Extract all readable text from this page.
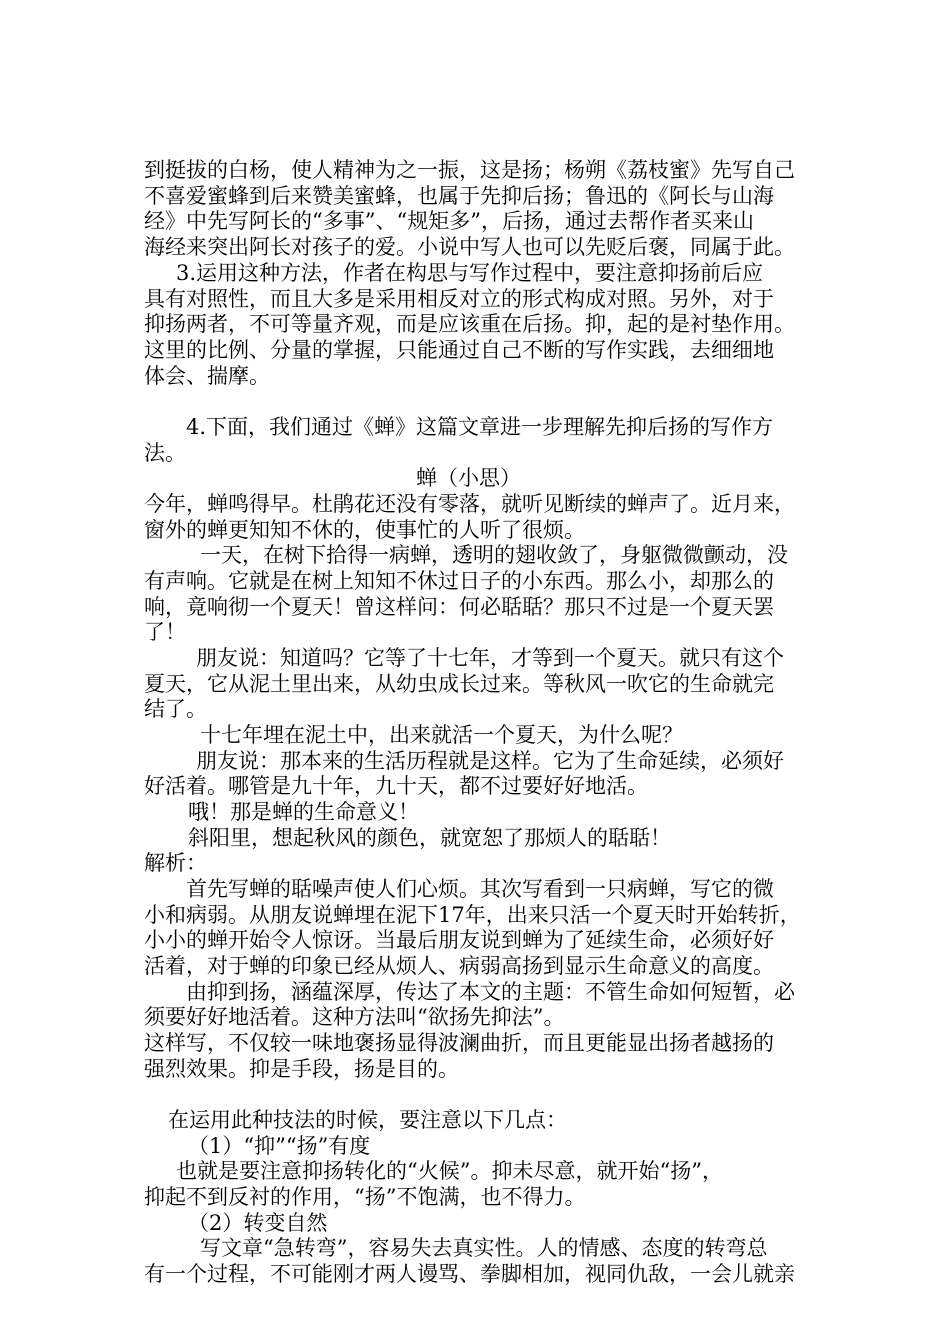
到挺拔的白杨，使人精神为之一振，这是扬；杨朔《荔枝蜜》先写自己
不喜爱蜜蜂到后来赞美蜜蜂，也属于先抑后扬；鲁迅的《阿长与山海
经》中先写阿长的“多事”、“规矩多”，后扬，通过去帮作者买来山
海经来突出阿长对孩子的爱。小说中写人也可以先贬后褒，同属于此。
3.运用这种方法，作者在构思与写作过程中，要注意抑扬前后应
具有对照性，而且大多是采用相反对立的形式构成对照。另外，对于
抑扬两者，不可等量齐观，而是应该重在后扬。抑，起的是衬垫作用。
这里的比例、分量的掌握，只能通过自己不断的写作实践，去细细地
体会、揣摩。
4.下面，我们通过《蝉》这篇文章进一步理解先抑后扬的写作方
法。
蝉（小思）
今年，蝉鸣得早。杜鹃花还没有零落，就听见断续的蝉声了。近月来，
窗外的蝉更知知不休的，使事忙的人听了很烦。
一天，在树下拾得一病蝉，透明的翅收敛了，身躯微微颤动，没
有声响。它就是在树上知知不休过日子的小东西。那么小，却那么的
响，竟响彻一个夏天！曾这样问：何必聒聒？那只不过是一个夏天罢
了！
朋友说：知道吗？它等了十七年，才等到一个夏天。就只有这个
夏天，它从泥土里出来，从幼虫成长过来。等秋风一吹它的生命就完
结了。
十七年埋在泥土中，出来就活一个夏天，为什么呢？
朋友说：那本来的生活历程就是这样。它为了生命延续，必须好
好活着。哪管是九十年，九十天，都不过要好好地活。
哦！那是蝉的生命意义！
斜阳里，想起秋风的颜色，就宽恕了那烦人的聒聒！
解析：
首先写蝉的聒噪声使人们心烦。其次写看到一只病蝉，写它的微
小和病弱。从朋友说蝉埋在泥下17年，出来只活一个夏天时开始转折，
小小的蝉开始令人惊讶。当最后朋友说到蝉为了延续生命，必须好好
活着，对于蝉的印象已经从烦人、病弱高扬到显示生命意义的高度。
由抑到扬，涵蕴深厚，传达了本文的主题：不管生命如何短暂，必
须要好好地活着。这种方法叫“欲扬先抑法”。
这样写，不仅较一味地褒扬显得波澜曲折，而且更能显出扬者越扬的
强烈效果。抑是手段，扬是目的。
在运用此种技法的时候，要注意以下几点：
（1）“抑”“扬”有度
也就是要注意抑扬转化的“火候”。抑未尽意，就开始“扬”，
抑起不到反衬的作用，“扬”不饱满，也不得力。
（2）转变自然
写文章“急转弯”，容易失去真实性。人的情感、态度的转弯总
有一个过程，不可能刚才两人谩骂、拳脚相加，视同仇敌，一会儿就亲
